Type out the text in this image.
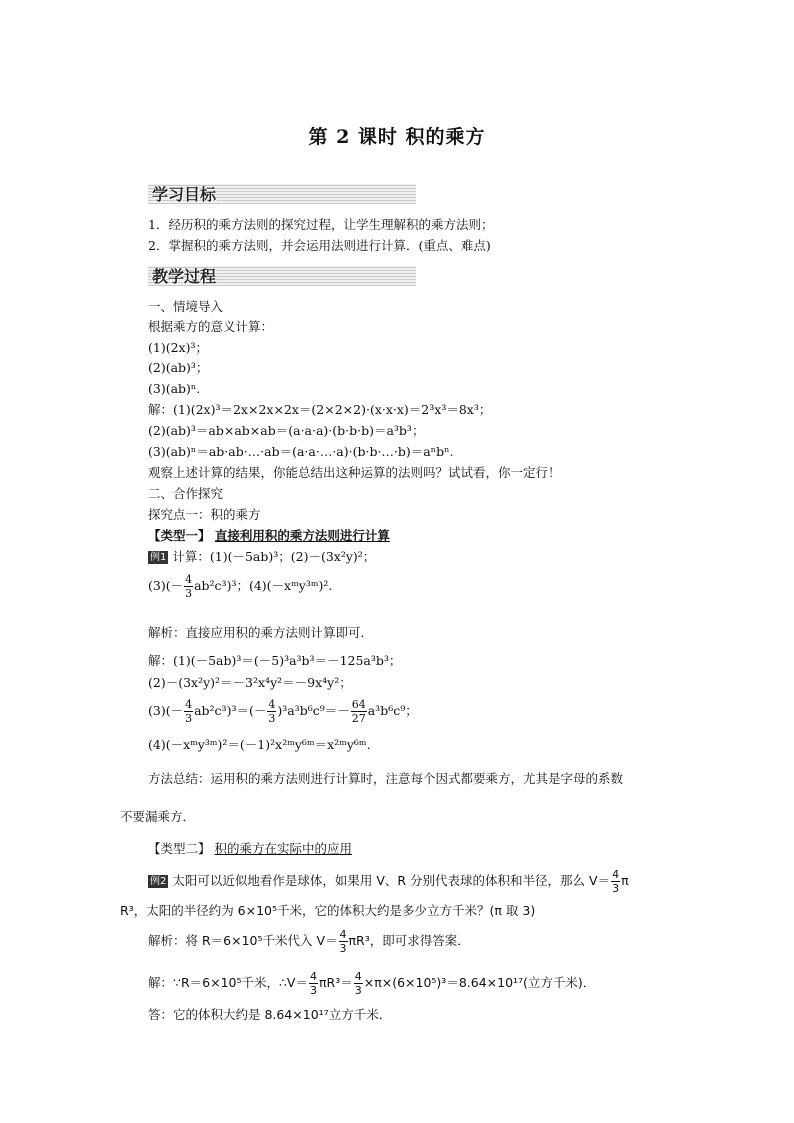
第 2 课时 积的乘方
学习目标
1．经历积的乘方法则的探究过程，让学生理解积的乘方法则；
2．掌握积的乘方法则，并会运用法则进行计算．(重点、难点)
教学过程
一、情境导入
根据乘方的意义计算：
(1)(2x)³；
(2)(ab)³；
(3)(ab)ⁿ.
解：(1)(2x)³＝2x×2x×2x＝(2×2×2)·(x·x·x)＝2³x³＝8x³；
(2)(ab)³＝ab×ab×ab＝(a·a·a)·(b·b·b)＝a³b³；
(3)(ab)ⁿ＝ab·ab·…·ab＝(a·a·…·a)·(b·b·…·b)＝aⁿbⁿ.
观察上述计算的结果，你能总结出这种运算的法则吗？试试看，你一定行！
二、合作探究
探究点一：积的乘方
【类型一】 直接利用积的乘方法则进行计算
例1 计算：(1)(－5ab)³；(2)－(3x²y)²；
$(3)(- \frac{4}{3} ab^2c^3)^3$；(4)(－xᵐy³ᵐ)².
解析：直接应用积的乘方法则计算即可．
解：(1)(－5ab)³＝(－5)³a³b³＝－125a³b³；
(2)－(3x²y)²＝－3²x⁴y²＝－9x⁴y²；
$(3)(- \frac{4}{3} ab^2c^3)^3=(- \frac{4}{3} )^3a^3b^6c^9=- \frac{64}{27} a^3b^6c^9$；
(4)(－xᵐy³ᵐ)²＝(－1)²x²ᵐy⁶ᵐ＝x²ᵐy⁶ᵐ.
方法总结：运用积的乘方法则进行计算时，注意每个因式都要乘方，尤其是字母的系数
不要漏乘方．
【类型二】 积的乘方在实际中的应用
例2 太阳可以近似地看作是球体，如果用 V、R 分别代表球的体积和半径，那么 $V= \frac{4}{3}$ π
R³，太阳的半径约为 6×10⁵千米，它的体积大约是多少立方千米？(π 取 3)
解析：将 R＝6×10⁵千米代入 $V= \frac{4}{3} \pi R^3$，即可求得答案．
解：∵R＝6×10⁵千米，∴V＝ $\frac{4}{3} \pi R^3= \frac{4}{3} \times\pi\times(6\times 10^5)^3=8.64\times 10^{17}$(立方千米)．
答：它的体积大约是 8.64×10¹⁷立方千米．
